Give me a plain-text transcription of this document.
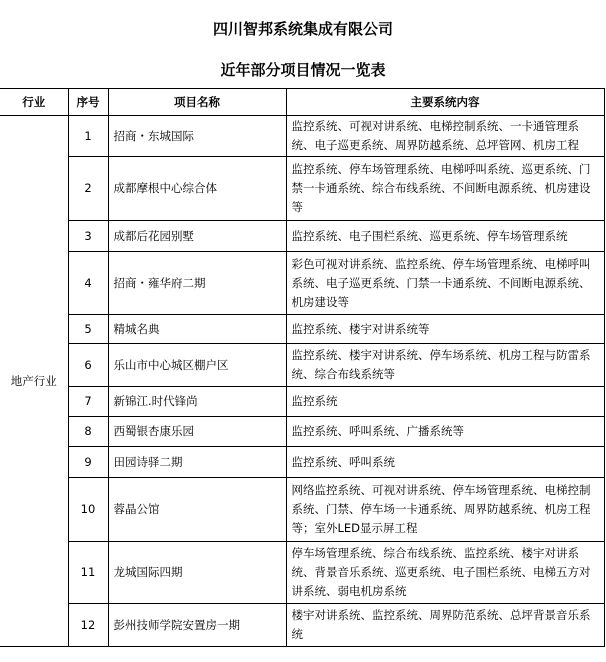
四川智邦系统集成有限公司
近年部分项目情况一览表
行业	序号	项目名称	主要系统内容
地产行业	1	招商・东城国际	监控系统、可视对讲系统、电梯控制系统、一卡通管理系统、电子巡更系统、周界防越系统、总坪管网、机房工程
	2	成都摩根中心综合体	监控系统、停车场管理系统、电梯呼叫系统、巡更系统、门禁一卡通系统、综合布线系统、不间断电源系统、机房建设等
	3	成都后花园别墅	监控系统、电子围栏系统、巡更系统、停车场管理系统
	4	招商・雍华府二期	彩色可视对讲系统、监控系统、停车场管理系统、电梯呼叫系统、电子巡更系统、门禁一卡通系统、不间断电源系统、机房建设等
	5	精城名典	监控系统、楼宇对讲系统等
	6	乐山市中心城区棚户区	监控系统、楼宇对讲系统、停车场系统、机房工程与防雷系统、综合布线系统等
	7	新锦江.时代锋尚	监控系统
	8	西蜀银杏康乐园	监控系统、呼叫系统、广播系统等
	9	田园诗驿二期	监控系统、呼叫系统
	10	蓉晶公馆	网络监控系统、可视对讲系统、停车场管理系统、电梯控制系统、门禁、停车场一卡通系统、周界防越系统、机房工程等；室外LED显示屏工程
	11	龙城国际四期	停车场管理系统、综合布线系统、监控系统、楼宇对讲系统、背景音乐系统、巡更系统、电子围栏系统、电梯五方对讲系统、弱电机房系统
	12	彭州技师学院安置房一期	楼宇对讲系统、监控系统、周界防范系统、总坪背景音乐系统
